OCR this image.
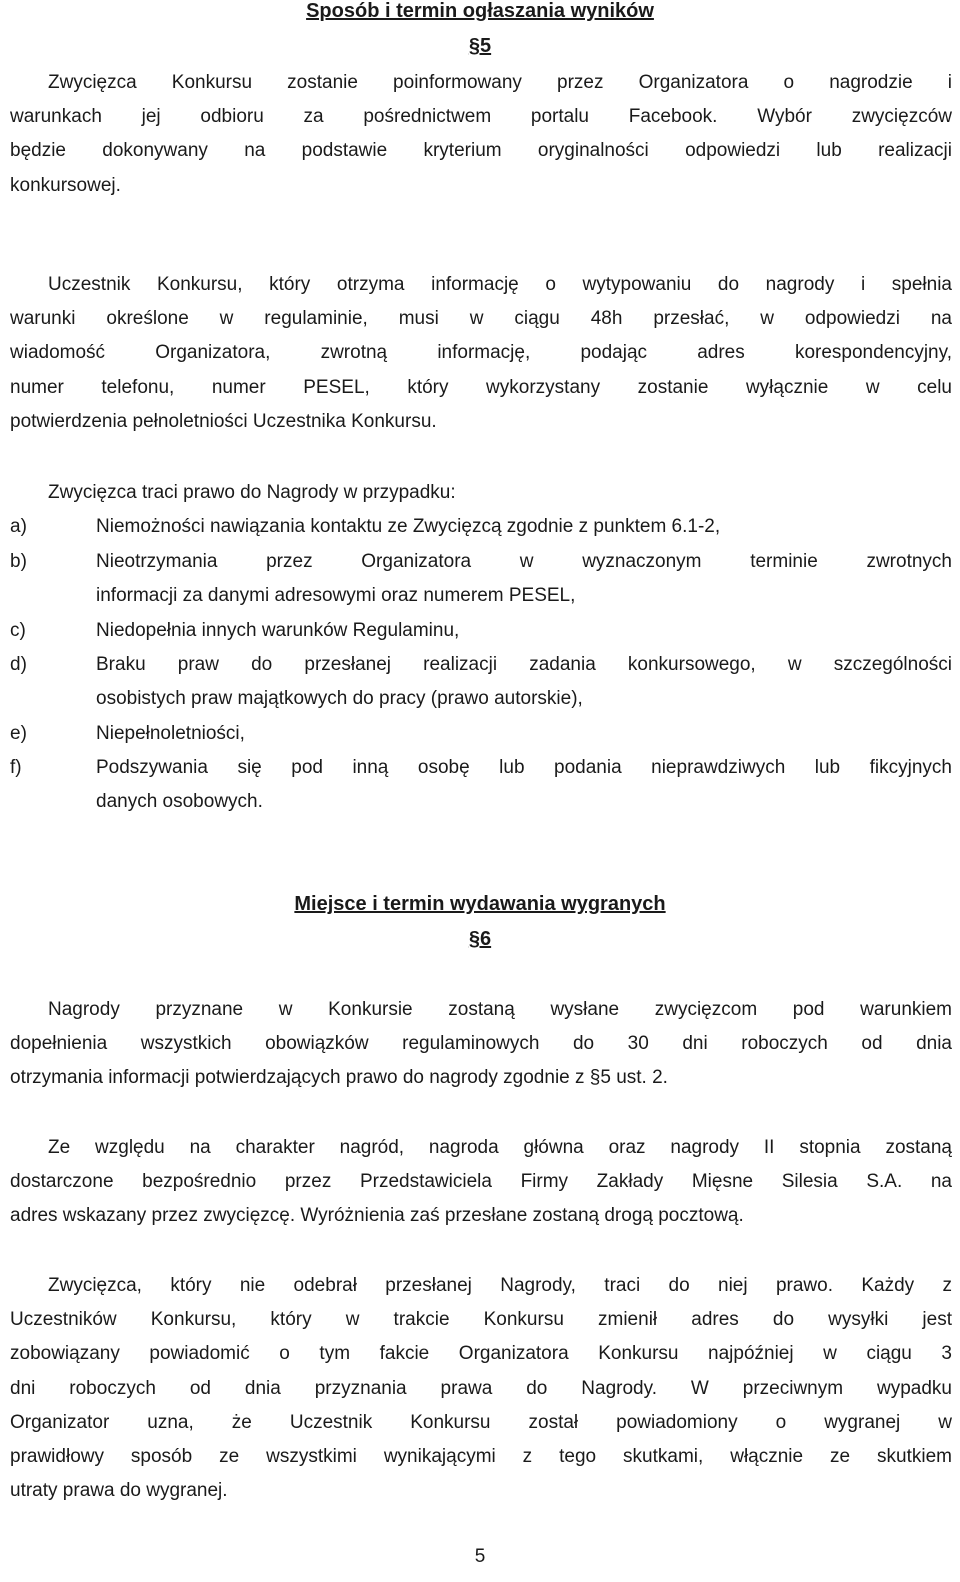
Sposób i termin ogłaszania wyników
§5
Zwycięzca Konkursu zostanie poinformowany przez Organizatora o nagrodzie i
warunkach jej odbioru za pośrednictwem portalu Facebook. Wybór zwycięzców
będzie dokonywany na podstawie kryterium oryginalności odpowiedzi lub realizacji
konkursowej.
Uczestnik Konkursu, który otrzyma informację o wytypowaniu do nagrody i spełnia
warunki określone w regulaminie, musi w ciągu 48h przesłać, w odpowiedzi na
wiadomość Organizatora, zwrotną informację, podając adres korespondencyjny,
numer telefonu, numer PESEL, który wykorzystany zostanie wyłącznie w celu
potwierdzenia pełnoletniości Uczestnika Konkursu.
Zwycięzca traci prawo do Nagrody w przypadku:
a)	Niemożności nawiązania kontaktu ze Zwycięzcą zgodnie z punktem 6.1-2,
b)	Nieotrzymania przez Organizatora w wyznaczonym terminie zwrotnych
informacji za danymi adresowymi oraz numerem PESEL,
c)	Niedopełnia innych warunków Regulaminu,
d)	Braku praw do przesłanej realizacji zadania konkursowego, w szczególności
osobistych praw majątkowych do pracy (prawo autorskie),
e)	Niepełnoletniości,
f)	Podszywania się pod inną osobę lub podania nieprawdziwych lub fikcyjnych
danych osobowych.
Miejsce i termin wydawania wygranych
§6
Nagrody przyznane w Konkursie zostaną wysłane zwycięzcom pod warunkiem
dopełnienia wszystkich obowiązków regulaminowych do 30 dni roboczych od dnia
otrzymania informacji potwierdzających prawo do nagrody zgodnie z §5 ust. 2.
Ze względu na charakter nagród, nagroda główna oraz nagrody II stopnia zostaną
dostarczone bezpośrednio przez Przedstawiciela Firmy Zakłady Mięsne Silesia S.A. na
adres wskazany przez zwycięzcę. Wyróżnienia zaś przesłane zostaną drogą pocztową.
Zwycięzca, który nie odebrał przesłanej Nagrody, traci do niej prawo. Każdy z
Uczestników Konkursu, który w trakcie Konkursu zmienił adres do wysyłki jest
zobowiązany powiadomić o tym fakcie Organizatora Konkursu najpóźniej w ciągu 3
dni roboczych od dnia przyznania prawa do Nagrody. W przeciwnym wypadku
Organizator uzna, że Uczestnik Konkursu został powiadomiony o wygranej w
prawidłowy sposób ze wszystkimi wynikającymi z tego skutkami, włącznie ze skutkiem
utraty prawa do wygranej.
5
